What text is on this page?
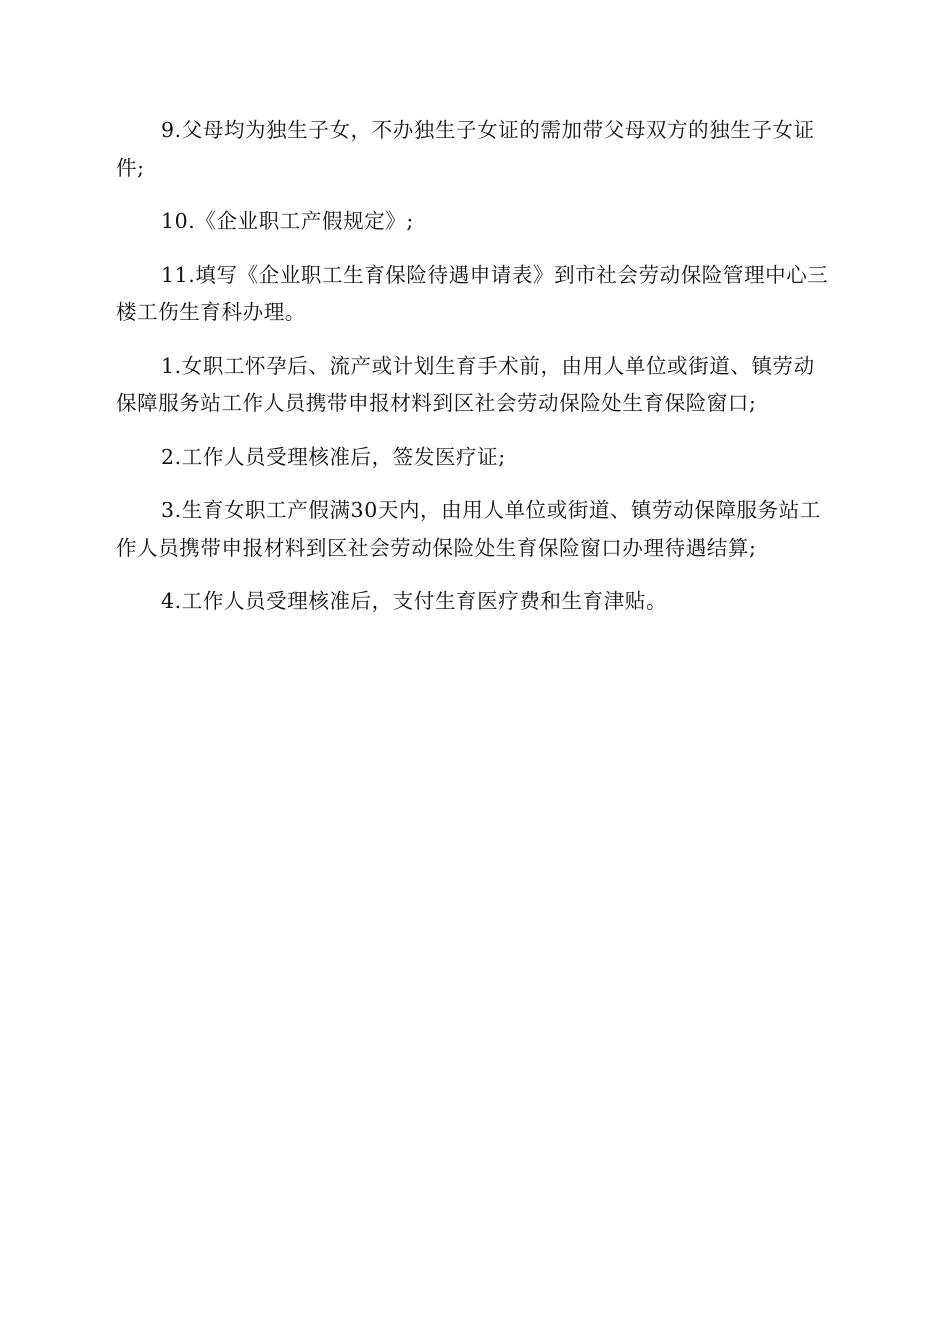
9.父母均为独生子女，不办独生子女证的需加带父母双方的独生子女证件;

10.《企业职工产假规定》;

11.填写《企业职工生育保险待遇申请表》到市社会劳动保险管理中心三楼工伤生育科办理。

1.女职工怀孕后、流产或计划生育手术前，由用人单位或街道、镇劳动保障服务站工作人员携带申报材料到区社会劳动保险处生育保险窗口;

2.工作人员受理核准后，签发医疗证;

3.生育女职工产假满30天内，由用人单位或街道、镇劳动保障服务站工作人员携带申报材料到区社会劳动保险处生育保险窗口办理待遇结算;

4.工作人员受理核准后，支付生育医疗费和生育津贴。
